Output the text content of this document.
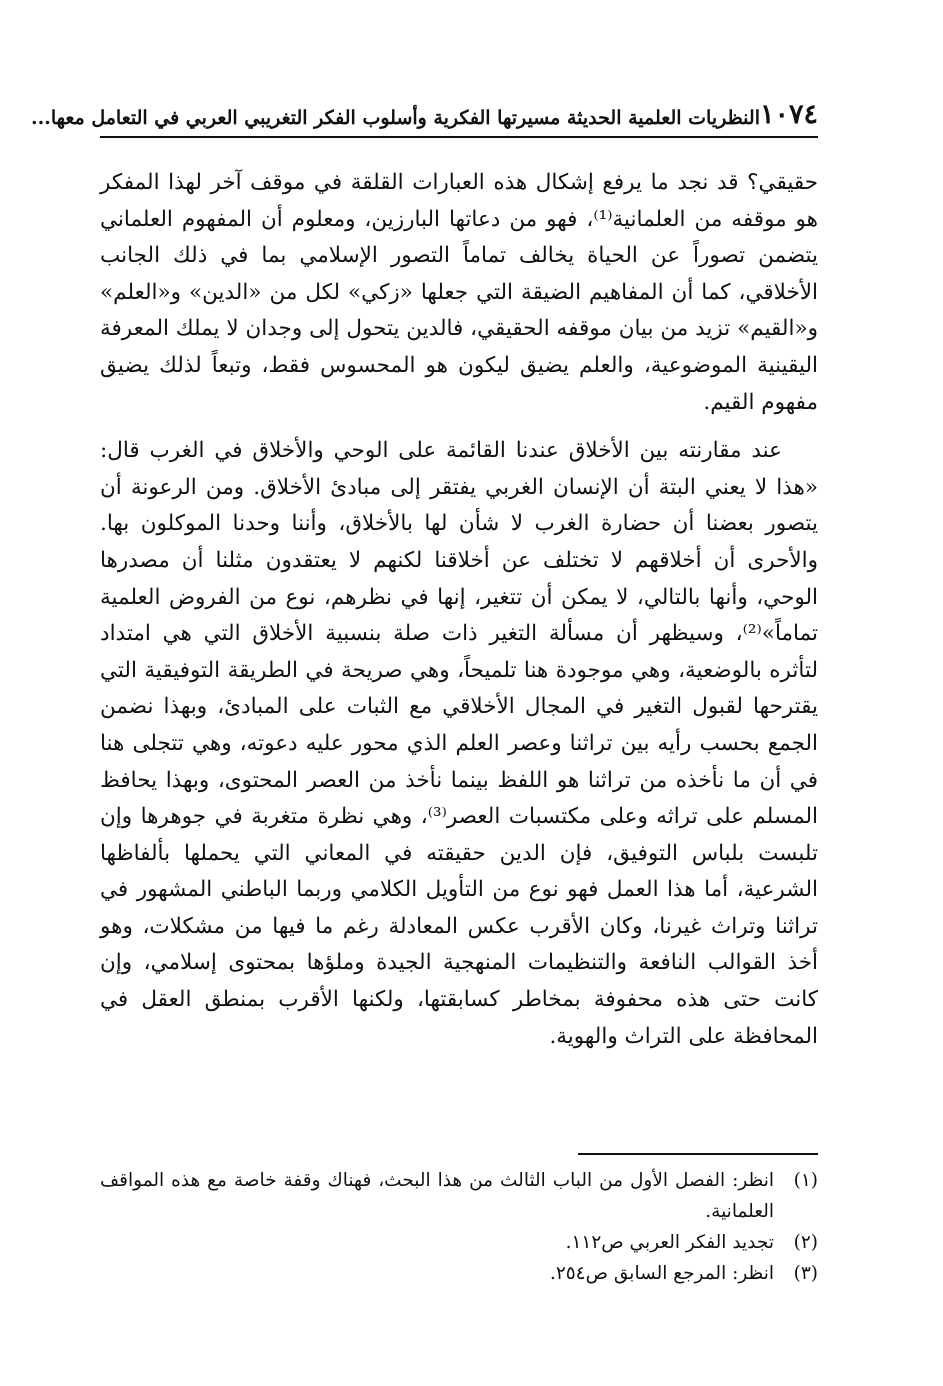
١٠٧٤
النظريات العلمية الحديثة مسيرتها الفكرية وأسلوب الفكر التغريبي العربي في التعامل معها...

حقيقي؟ قد نجد ما يرفع إشكال هذه العبارات القلقة في موقف آخر لهذا المفكر هو موقفه من العلمانية⁽¹⁾، فهو من دعاتها البارزين، ومعلوم أن المفهوم العلماني يتضمن تصوراً عن الحياة يخالف تماماً التصور الإسلامي بما في ذلك الجانب الأخلاقي، كما أن المفاهيم الضيقة التي جعلها «زكي» لكل من «الدين» و«العلم» و«القيم» تزيد من بيان موقفه الحقيقي، فالدين يتحول إلى وجدان لا يملك المعرفة اليقينية الموضوعية، والعلم يضيق ليكون هو المحسوس فقط، وتبعاً لذلك يضيق مفهوم القيم.

عند مقارنته بين الأخلاق عندنا القائمة على الوحي والأخلاق في الغرب قال: «هذا لا يعني البتة أن الإنسان الغربي يفتقر إلى مبادئ الأخلاق. ومن الرعونة أن يتصور بعضنا أن حضارة الغرب لا شأن لها بالأخلاق، وأننا وحدنا الموكلون بها. والأحرى أن أخلاقهم لا تختلف عن أخلاقنا لكنهم لا يعتقدون مثلنا أن مصدرها الوحي، وأنها بالتالي، لا يمكن أن تتغير، إنها في نظرهم، نوع من الفروض العلمية تماماً»⁽²⁾، وسيظهر أن مسألة التغير ذات صلة بنسبية الأخلاق التي هي امتداد لتأثره بالوضعية، وهي موجودة هنا تلميحاً، وهي صريحة في الطريقة التوفيقية التي يقترحها لقبول التغير في المجال الأخلاقي مع الثبات على المبادئ، وبهذا نضمن الجمع بحسب رأيه بين تراثنا وعصر العلم الذي محور عليه دعوته، وهي تتجلى هنا في أن ما نأخذه من تراثنا هو اللفظ بينما نأخذ من العصر المحتوى، وبهذا يحافظ المسلم على تراثه وعلى مكتسبات العصر⁽³⁾، وهي نظرة متغربة في جوهرها وإن تلبست بلباس التوفيق، فإن الدين حقيقته في المعاني التي يحملها بألفاظها الشرعية، أما هذا العمل فهو نوع من التأويل الكلامي وربما الباطني المشهور في تراثنا وتراث غيرنا، وكان الأقرب عكس المعادلة رغم ما فيها من مشكلات، وهو أخذ القوالب النافعة والتنظيمات المنهجية الجيدة وملؤها بمحتوى إسلامي، وإن كانت حتى هذه محفوفة بمخاطر كسابقتها، ولكنها الأقرب بمنطق العقل في المحافظة على التراث والهوية.

(١)
انظر: الفصل الأول من الباب الثالث من هذا البحث، فهناك وقفة خاصة مع هذه المواقف العلمانية.
(٢)
تجديد الفكر العربي ص١١٢.
(٣)
انظر: المرجع السابق ص٢٥٤.
